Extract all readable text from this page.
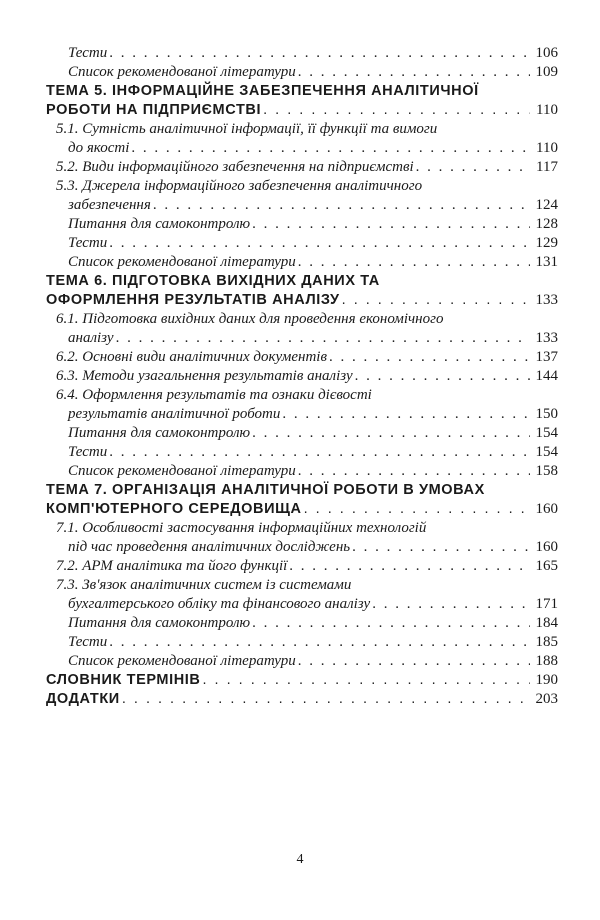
Тести . . .	106
Список рекомендованої літератури . . .	109
ТЕМА 5. ІНФОРМАЦІЙНЕ ЗАБЕЗПЕЧЕННЯ АНАЛІТИЧНОЇ
РОБОТИ НА ПІДПРИЄМСТВІ . . .	110
5.1. Сутність аналітичної інформації, її функції та вимоги
до якості . . .	110
5.2. Види інформаційного забезпечення на підприємстві . . .	117
5.3. Джерела інформаційного забезпечення аналітичного
забезпечення . . .	124
Питання для самоконтролю . . .	128
Тести . . .	129
Список рекомендованої літератури . . .	131
ТЕМА 6. ПІДГОТОВКА ВИХІДНИХ ДАНИХ ТА
ОФОРМЛЕННЯ РЕЗУЛЬТАТІВ АНАЛІЗУ . . .	133
6.1. Підготовка вихідних даних для проведення економічного
аналізу . . .	133
6.2. Основні види аналітичних документів . . .	137
6.3. Методи узагальнення результатів аналізу . . .	144
6.4. Оформлення результатів та ознаки дієвості
результатів аналітичної роботи . . .	150
Питання для самоконтролю . . .	154
Тести . . .	154
Список рекомендованої літератури . . .	158
ТЕМА 7. ОРГАНІЗАЦІЯ АНАЛІТИЧНОЇ РОБОТИ В УМОВАХ
КОМП'ЮТЕРНОГО СЕРЕДОВИЩА . . .	160
7.1. Особливості застосування інформаційних технологій
під час проведення аналітичних досліджень . . .	160
7.2. АРМ аналітика та його функції . . .	165
7.3. Зв'язок аналітичних систем із системами
бухгалтерського обліку та фінансового аналізу . . .	171
Питання для самоконтролю . . .	184
Тести . . .	185
Список рекомендованої літератури . . .	188
СЛОВНИК ТЕРМІНІВ . . .	190
ДОДАТКИ . . .	203
4
